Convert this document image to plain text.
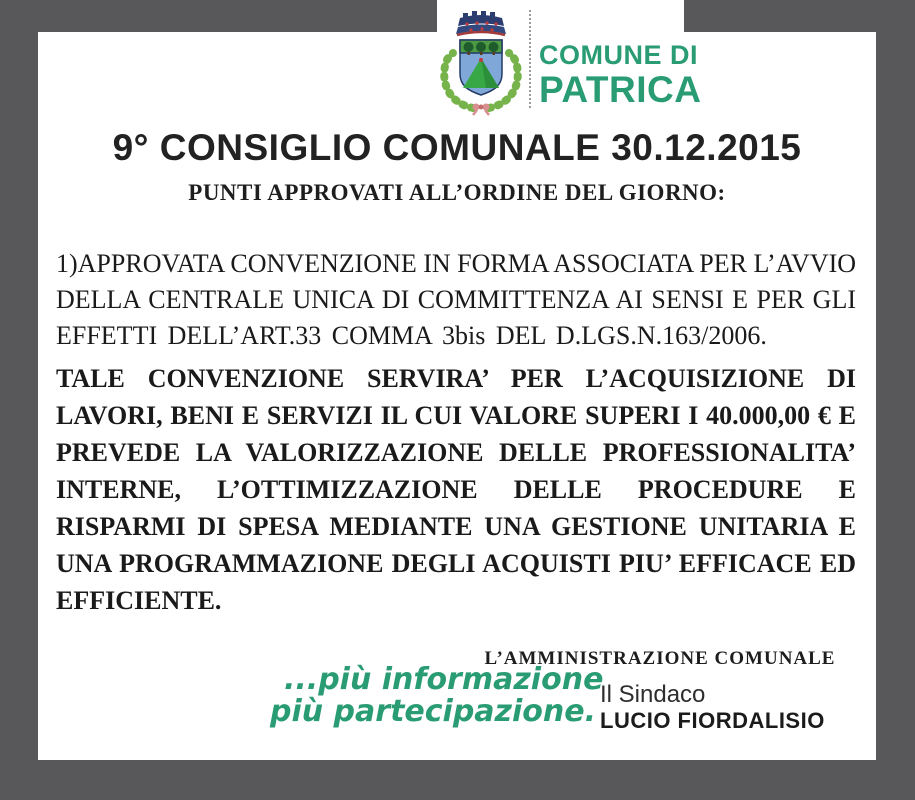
COMUNE DI
PATRICA
9° CONSIGLIO COMUNALE 30.12.2015
PUNTI APPROVATI ALL’ORDINE DEL GIORNO:
1)APPROVATA CONVENZIONE IN FORMA ASSOCIATA PER L’AVVIO
DELLA CENTRALE UNICA DI COMMITTENZA AI SENSI E PER GLI
EFFETTI DELL’ART.33 COMMA 3bis DEL D.LGS.N.163/2006.
TALE CONVENZIONE SERVIRA’ PER L’ACQUISIZIONE DI
LAVORI, BENI E SERVIZI IL CUI VALORE SUPERI I 40.000,00 € E
PREVEDE LA VALORIZZAZIONE DELLE PROFESSIONALITA’
INTERNE, L’OTTIMIZZAZIONE DELLE PROCEDURE E
RISPARMI DI SPESA MEDIANTE UNA GESTIONE UNITARIA E
UNA PROGRAMMAZIONE DEGLI ACQUISTI PIU’ EFFICACE ED
EFFICIENTE.
...più informazione
più partecipazione.
L’AMMINISTRAZIONE COMUNALE
Il Sindaco
LUCIO FIORDALISIO
